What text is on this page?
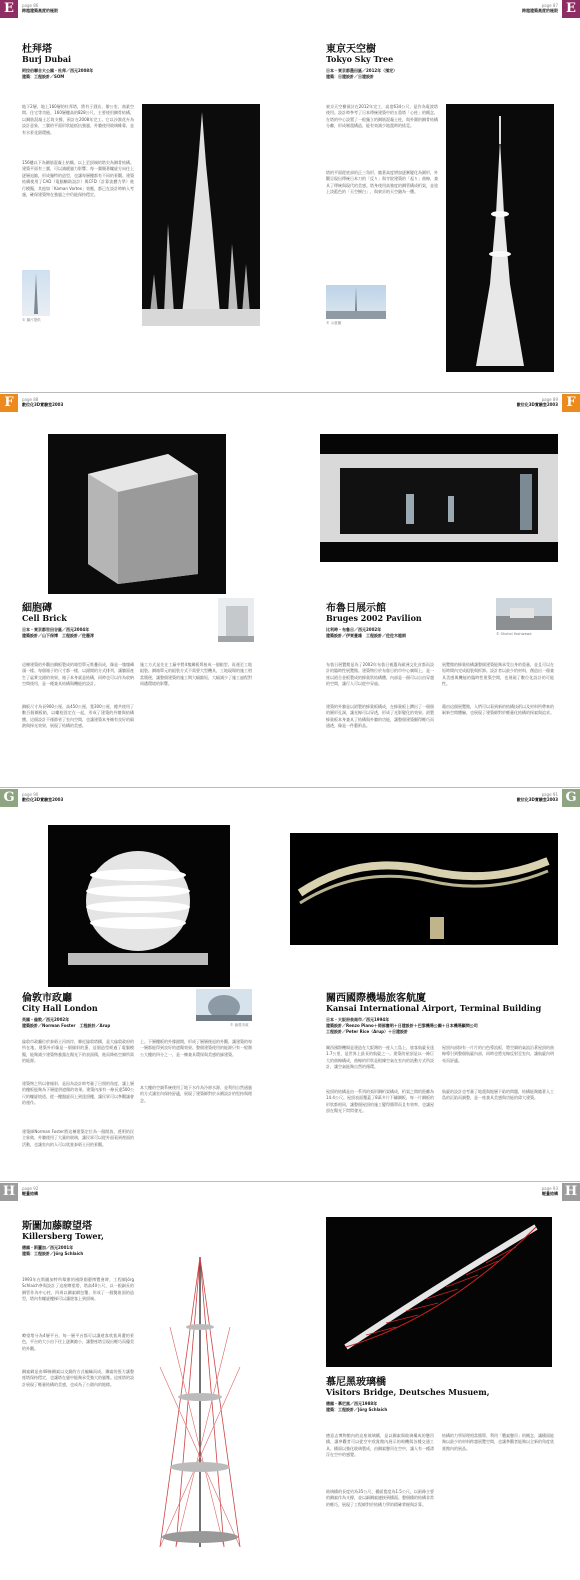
E	E
page 86
跨越建築高度的極限
page 87
跨越建築高度的極限
杜拜塔
Burj Dubai
阿拉伯聯合大公國・杜拜／西元2008年
建築：工程設計／SOM
地下2層、地上160層的杜拜塔，將有子酒店、辦公室、商業空間、住宅等功能，160層樓高的828公尺，主要使用鋼骨結構，以鋼筋混凝土芯筒支撐，預計在2008年完工。它以沙漠花卉為設計意象，三翼的平面形狀能抵抗強風，外牆使用玻璃帷幕，並有水景花園環繞。
156樓以下為鋼筋混凝土結構，以上至頂端的塔尖為鋼骨結構。建築平面有三翼，可以減緩風力影響；每一翼順著螺旋方向往上逐層退縮，形成獨特的造型，也讓每層樓都有不同的景觀。建築結構使用了CAD（電腦輔助設計）與CFD（計算流體力學）進行模擬，其他如「Kaman Vortex」效應，都已在設計時納入考慮，確保建築物在強風之中仍能保持穩定。
© 圖片提供
東京天空樹
Tokyo Sky Tree
日本・東京都墨田區／2012年（預定）
建築：日建設計／日建設計
東京天空樹預計在2012年完工，高度634公尺，是作為電波塔使用。設計時參考了日本傳統建築中的五重塔「心柱」的概念，在塔的中心設置了一根獨立的鋼筋混凝土柱，與外圍的鋼骨結構分離，形成制震構造，能有效減少地震時的搖晃。
塔的平面從底部的正三角形，隨著高度增加逐漸變化為圓形，外觀呈現出傳統日本刀的「反り」與寺院建築的「起り」曲線，兼具了傳統與現代的美感。塔身使用高強度的鋼管構成桁架，並塗上淡藍色的「天空樹白」，與東京的天空融為一體。
© 示意圖
F	F
page 88
數位化3D實驗室2003
page 89
數位化3D實驗室2003
細胞磚
Cell Brick
日本・東京都世田谷區／西元2004年
建築設計／山下保博　工程設計／佐藤淳
這棟建築的外觀由鋼板製成的箱型單元堆疊而成，像是一塊塊磚頭一樣。每個箱子的尺寸都一樣，以錯開的方式排列，讓牆面產生了虛實交錯的效果。箱子本身就是結構，同時也可以作為收納空間使用，是一種兼具結構與機能的設計。
鋼板尺寸為長900公厘、高450公厘、寬300公厘，總共使用了數百個鋼板箱，以螺栓固定在一起，形成了建築的外牆與結構體。這個設計不僅節省了室內空間，也讓建築本身擁有良好的隔熱與採光效果，展現了結構的美感。
施工方式是先在工廠中將4塊鋼板焊接成一個箱型，再運至工地組裝。鋼箱單元的組裝方式不需要大型機具，工地現場的施工相當簡便，讓整個建築的施工期大幅縮短，大幅減少了施工過程對周遭環境的影響。
布魯日展示館
Bruges 2002 Pavilion
比利時・布魯日／西元2002年
建築設計／伊東豊雄　工程設計／佐佐木睦朗	© Shuhei Yoshizawa
布魯日展覽館是為了2002年布魯日被選為歐洲文化首都而設計的臨時性展覽館。建築物位於布魯日的市中心廣場上，是一座以鋁合金板製成的蜂巢狀結構體，內部是一個可以自由穿越的空間，讓行人可以從中穿過。
建築的外牆是以鋁製的蜂巢板構成，在蜂巢板上鑽出了一個個的圓形孔洞，讓光線可以穿透，形成了光影變化的效果。鋁製蜂巢板本身兼具了結構與外牆的功能，讓整個建築顯得輕巧而通透，像是一件藝術品。
展覽館的蜂巢結構讓整個建築能夠承受自身的重量，並且可以在短時間內完成組裝與拆卸。設計者以最少的材料，創造出一個兼具美感與機能的臨時性建築空間，也展現了數位化設計的可能性。
藉由這個展覽館，人們可以看到新的結構技術以及材料所帶來的嶄新空間體驗，也展現了建築師對於輕量化結構的探索與追求。
G	G
page 90
數位化3D實驗室2003
page 91
數位化3D實驗室2003
倫敦市政廳
City Hall London
英國・倫敦／西元2002年
建築設計／Norman Foster　工程設計／Arup	© 倫敦市政
倫敦市政廳位於泰晤士河南岸，鄰近倫敦塔橋，是大倫敦政府的所在地。建築外形像是一個傾斜的蛋，這個造型經過了電腦模擬，能夠減少建築物暴露在陽光下的表面積，進而降低空調所需的能源。
建築物之所以會傾斜，是因為設計時考量了日照的角度，讓上層的樓板能夠為下層提供遮陽的效果。建築內部有一條長達500公尺的螺旋坡道，從一樓盤旋而上到達頂樓，讓民眾可以參觀議會的運作。
建築師Norman Foster將這棟建築定位為一個開放、透明的民主象徵，外牆使用了大量的玻璃，讓民眾可以從外面看到裡面的活動，也讓室內的人可以欣賞泰晤士河的景觀。
上、下層樓板的外緣錯開，形成了層層後退的外觀，讓建築的每一層都能得到良好的遮陽效果。整個建築使用的能源只有一般辦公大樓的四分之一，是一棟兼具環保與美感的綠建築。
本大樓的空調系統使用了地下水作為冷卻水源，並利用自然通風的方式讓室內保持舒適，展現了建築師對於永續設計的堅持與理念。
關西國際機場旅客航廈
Kansai International Airport, Terminal Building
日本・大阪府泉南市／西元1994年
建築設計／Renzo Piano＋岡部憲明＋日建設計＋巴黎機場公團＋日本機場顧問公司
工程設計／Peter Rice（Arup）＋日建設計
關西國際機場是建造在大阪灣的一座人工島上，旅客航廈長達1.7公里，是世界上最長的航廈之一。建築的屋頂是以一條巨大的曲線構成，曲線的形狀是根據空氣在室內的流動方式所設計，讓空氣能夠自然的循環。
屋頂的結構是由一系列的弧形鋼桁架構成，桁架之間的距離為14.4公尺。屋頂表面覆蓋了8萬多片不鏽鋼板，每一片鋼板的形狀都相同，讓整個屋頂的施工變得簡單而且有效率，也讓屋頂在陽光下閃閃發光。
屋頂內部掛有一片片的白色導流板，將空調的氣流沿著屋頂的曲線導引到整個航廈內部，同時也將光線反射至室內，讓航廈內明亮而舒適。
航廈的設計也考量了地震與地層下陷的問題，結構能夠隨著人工島的沉陷而調整，是一座兼具美感與功能的偉大建築。
H	H
page 92
輕量結構
page 93
輕量結構
斯圖加藤瞭望塔
Killersberg Tower,
德國・斯圖加／西元2001年
建築：工程設計／Jörg Schlaich
1993年在斯圖加特所舉辦的國際園藝博覽會時，工程師Jörg Schlaich參與設計了這座瞭望塔，塔高40公尺，以一根細長的鋼管作為中心柱，四周以鋼索網包覆，形成了一個雙曲面的造型，塔內有螺旋樓梯可以讓遊客上到頂端。
瞭望塔分為4層平台，每一層平台都可以讓遊客欣賞周遭的景色，平台的大小由下往上逐漸縮小，讓整座塔呈現出輕巧而優美的外觀。
鋼索網是由48條鋼索以交錯的方式編織而成，鋼索的張力讓整座塔保持穩定，也讓塔在風中能夠承受強大的風壓。這座塔的設計展現了輕量結構的美感，也成為了公園內的地標。	慕尼黑玻璃橋
Visitors Bridge, Deutsches Musuem,
德國・慕尼黑／西元1988年
建築：工程設計／Jörg Schlaich
德意志博物館內的這座玻璃橋，是以鋼索與玻璃構成的懸吊橋，讓參觀者可以從空中欣賞館內展示的飛機與各種交通工具。橋面以強化玻璃製成，由鋼索懸吊在空中，讓人有一種漂浮在空中的感覺。
玻璃橋的長度約為35公尺，橋面寬度為1.5公尺，以兩條主要的鋼索作為支撐，並以細鋼索連接到橋面。整個橋的結構非常的輕巧，展現了工程師對於結構力學的精確掌握與計算。
結構的力學原理相當簡單，利用「纜索懸吊」的概念，讓橋面能夠以最少的材料跨越展覽空間，也讓參觀者能夠以全新的角度欣賞館內的展品。
